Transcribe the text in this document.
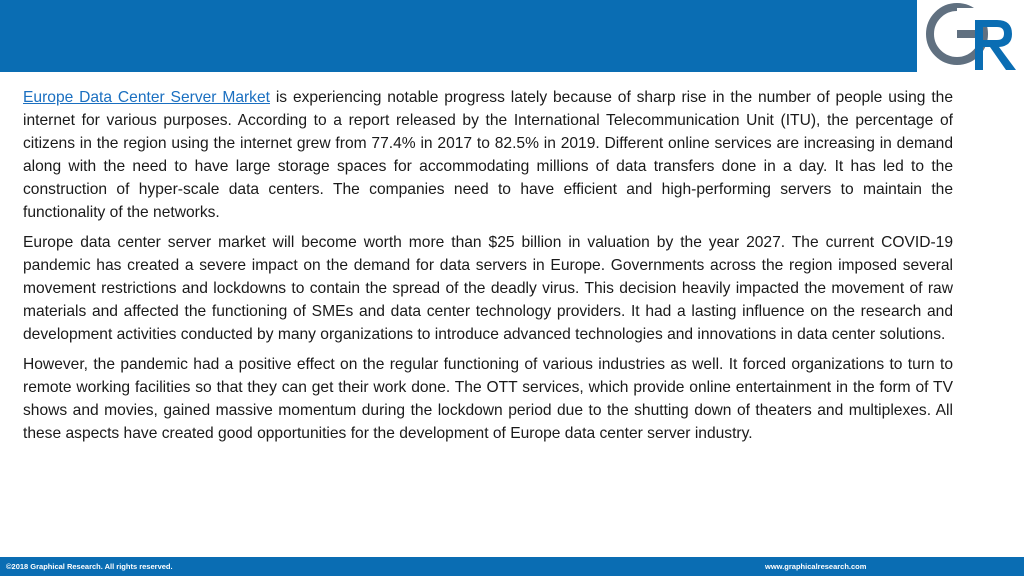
Europe Data Center Server Market is experiencing notable progress lately because of sharp rise in the number of people using the internet for various purposes. According to a report released by the International Telecommunication Unit (ITU), the percentage of citizens in the region using the internet grew from 77.4% in 2017 to 82.5% in 2019. Different online services are increasing in demand along with the need to have large storage spaces for accommodating millions of data transfers done in a day. It has led to the construction of hyper-scale data centers. The companies need to have efficient and high-performing servers to maintain the functionality of the networks.

Europe data center server market will become worth more than $25 billion in valuation by the year 2027. The current COVID-19 pandemic has created a severe impact on the demand for data servers in Europe. Governments across the region imposed several movement restrictions and lockdowns to contain the spread of the deadly virus. This decision heavily impacted the movement of raw materials and affected the functioning of SMEs and data center technology providers. It had a lasting influence on the research and development activities conducted by many organizations to introduce advanced technologies and innovations in data center solutions.

However, the pandemic had a positive effect on the regular functioning of various industries as well. It forced organizations to turn to remote working facilities so that they can get their work done. The OTT services, which provide online entertainment in the form of TV shows and movies, gained massive momentum during the lockdown period due to the shutting down of theaters and multiplexes. All these aspects have created good opportunities for the development of Europe data center server industry.

©2018 Graphical Research. All rights reserved.	www.graphicalresearch.com
